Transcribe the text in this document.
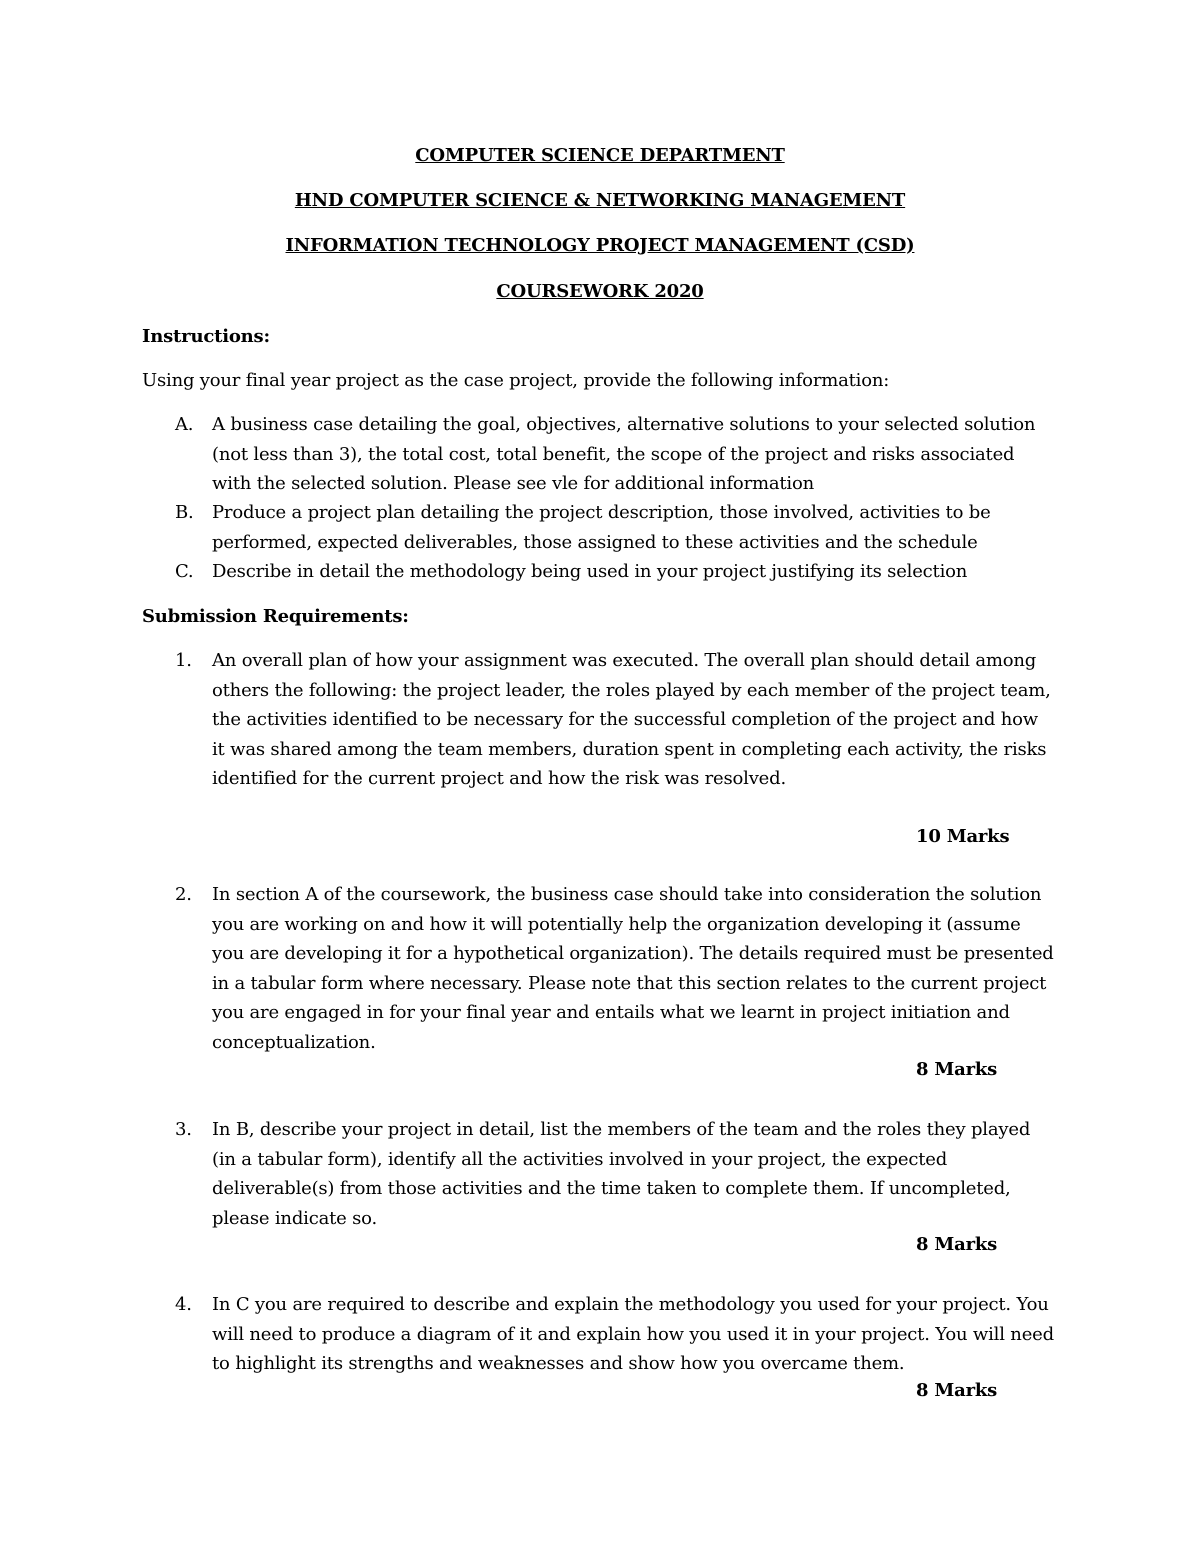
COMPUTER SCIENCE DEPARTMENT
HND COMPUTER SCIENCE & NETWORKING MANAGEMENT
INFORMATION TECHNOLOGY PROJECT MANAGEMENT (CSD)
COURSEWORK 2020
Instructions:
Using your final year project as the case project, provide the following information:
A. A business case detailing the goal, objectives, alternative solutions to your selected solution (not less than 3), the total cost, total benefit, the scope of the project and risks associated with the selected solution. Please see vle for additional information
B. Produce a project plan detailing the project description, those involved, activities to be performed, expected deliverables, those assigned to these activities and the schedule
C. Describe in detail the methodology being used in your project justifying its selection
Submission Requirements:
1. An overall plan of how your assignment was executed. The overall plan should detail among others the following: the project leader, the roles played by each member of the project team, the activities identified to be necessary for the successful completion of the project and how it was shared among the team members, duration spent in completing each activity, the risks identified for the current project and how the risk was resolved.
10 Marks
2. In section A of the coursework, the business case should take into consideration the solution you are working on and how it will potentially help the organization developing it (assume you are developing it for a hypothetical organization). The details required must be presented in a tabular form where necessary. Please note that this section relates to the current project you are engaged in for your final year and entails what we learnt in project initiation and conceptualization.
8 Marks
3. In B, describe your project in detail, list the members of the team and the roles they played (in a tabular form), identify all the activities involved in your project, the expected deliverable(s) from those activities and the time taken to complete them. If uncompleted, please indicate so.
8 Marks
4. In C you are required to describe and explain the methodology you used for your project. You will need to produce a diagram of it and explain how you used it in your project. You will need to highlight its strengths and weaknesses and show how you overcame them.
8 Marks
